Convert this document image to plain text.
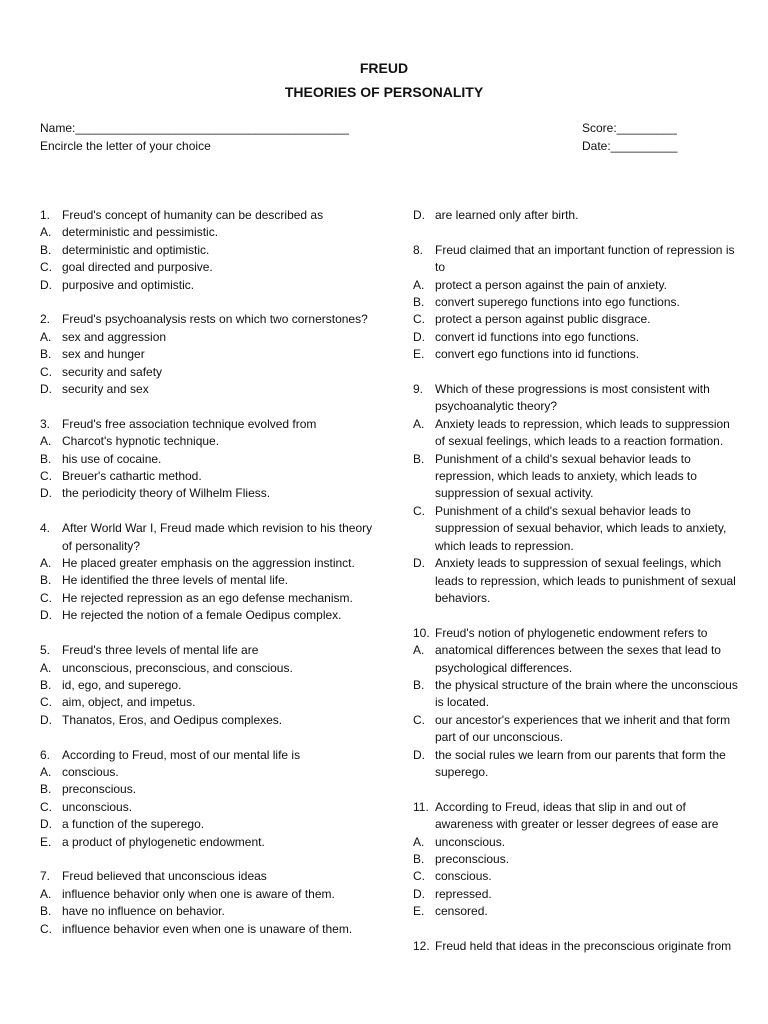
FREUD
THEORIES OF PERSONALITY
Name:_________________________________________
Encircle the letter of your choice
Score:_________
Date:__________
1. Freud's concept of humanity can be described as
A. deterministic and pessimistic.
B. deterministic and optimistic.
C. goal directed and purposive.
D. purposive and optimistic.
2. Freud's psychoanalysis rests on which two cornerstones?
A. sex and aggression
B. sex and hunger
C. security and safety
D. security and sex
3. Freud's free association technique evolved from
A. Charcot's hypnotic technique.
B. his use of cocaine.
C. Breuer's cathartic method.
D. the periodicity theory of Wilhelm Fliess.
4. After World War I, Freud made which revision to his theory of personality?
A. He placed greater emphasis on the aggression instinct.
B. He identified the three levels of mental life.
C. He rejected repression as an ego defense mechanism.
D. He rejected the notion of a female Oedipus complex.
5. Freud's three levels of mental life are
A. unconscious, preconscious, and conscious.
B. id, ego, and superego.
C. aim, object, and impetus.
D. Thanatos, Eros, and Oedipus complexes.
6. According to Freud, most of our mental life is
A. conscious.
B. preconscious.
C. unconscious.
D. a function of the superego.
E. a product of phylogenetic endowment.
7. Freud believed that unconscious ideas
A. influence behavior only when one is aware of them.
B. have no influence on behavior.
C. influence behavior even when one is unaware of them.
D. are learned only after birth.
8. Freud claimed that an important function of repression is to
A. protect a person against the pain of anxiety.
B. convert superego functions into ego functions.
C. protect a person against public disgrace.
D. convert id functions into ego functions.
E. convert ego functions into id functions.
9. Which of these progressions is most consistent with psychoanalytic theory?
A. Anxiety leads to repression, which leads to suppression of sexual feelings, which leads to a reaction formation.
B. Punishment of a child's sexual behavior leads to repression, which leads to anxiety, which leads to suppression of sexual activity.
C. Punishment of a child's sexual behavior leads to suppression of sexual behavior, which leads to anxiety, which leads to repression.
D. Anxiety leads to suppression of sexual feelings, which leads to repression, which leads to punishment of sexual behaviors.
10. Freud's notion of phylogenetic endowment refers to
A. anatomical differences between the sexes that lead to psychological differences.
B. the physical structure of the brain where the unconscious is located.
C. our ancestor's experiences that we inherit and that form part of our unconscious.
D. the social rules we learn from our parents that form the superego.
11. According to Freud, ideas that slip in and out of awareness with greater or lesser degrees of ease are
A. unconscious.
B. preconscious.
C. conscious.
D. repressed.
E. censored.
12. Freud held that ideas in the preconscious originate from
